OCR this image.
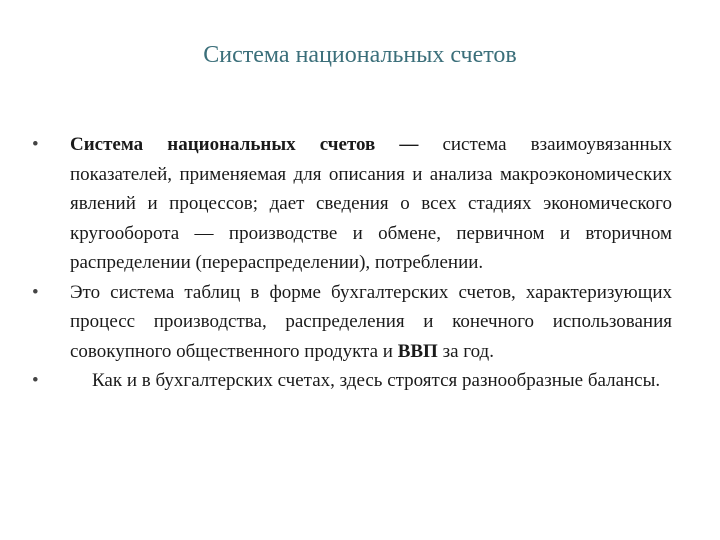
Система национальных счетов
•	Система национальных счетов — система взаимоувязанных показателей, применяемая для описания и анализа макроэкономических явлений и процессов; дает сведения о всех стадиях экономического кругооборота — производстве и обмене, первичном и вторичном распределении (перераспределении), потреблении.
•	Это система таблиц в форме бухгалтерских счетов, характеризующих процесс производства, распределения и конечного использования совокупного общественного продукта и ВВП за год.
•	Как и в бухгалтерских счетах, здесь строятся разнообразные балансы.
